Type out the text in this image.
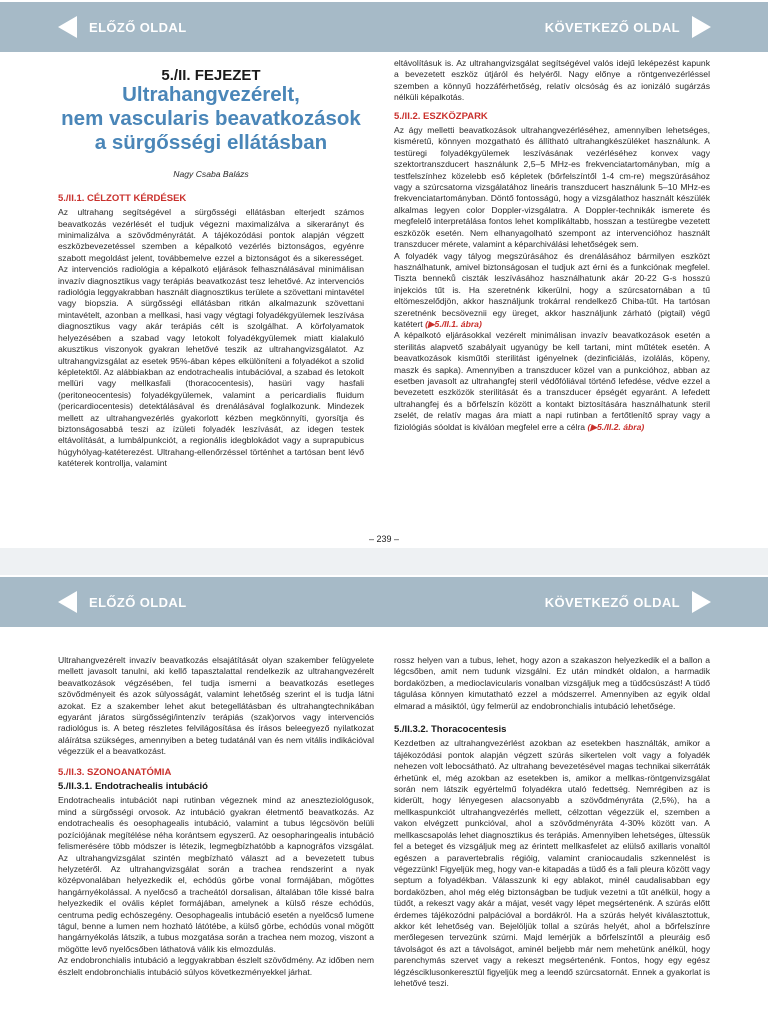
ELŐZŐ OLDAL	KÖVETKEZŐ OLDAL
5./II. FEJEZET
Ultrahangvezérelt,
nem vascularis beavatkozások
a sürgősségi ellátásban
Nagy Csaba Balázs
5./II.1. CÉLZOTT KÉRDÉSEK

Az ultrahang segítségével a sürgősségi ellátásban elterjedt számos beavatkozás vezérlését el tudjuk végezni maximalizálva a sikerarányt és minimalizálva a szövődményrátát. A tájékozódási pontok alapján végzett eszközbevezetéssel szemben a képalkotó vezérlés biztonságos, egyénre szabott megoldást jelent, továbbemelve ezzel a biztonságot és a sikerességet. Az intervenciós radiológia a képalkotó eljárások felhasználásával minimálisan invazív diagnosztikus vagy terápiás beavatkozást tesz lehetővé. Az intervenciós radiológia leggyakrabban használt diagnosztikus területe a szövettani mintavétel vagy biopszia. A sürgősségi ellátásban ritkán alkalmazunk szövettani mintavételt, azonban a mellkasi, hasi vagy végtagi folyadékgyülemek leszívása diagnosztikus vagy akár terápiás célt is szolgálhat. A körfolyamatok helyezésében a szabad vagy letokolt folyadékgyülemek miatt kialakuló akusztikus viszonyok gyakran lehetővé teszik az ultrahangvizsgálatot. Az ultrahangvizsgálat az esetek 95%-ában képes elkülöníteni a folyadékot a szolid képletektől. Az alábbiakban az endotrachealis intubációval, a szabad és letokolt mellüri vagy mellkasfali (thoracocentesis), hasüri vagy hasfali (peritoneocentesis) folyadékgyülemek, valamint a pericardialis fluidum (pericardiocentesis) detektálásával és drenálásával foglalkozunk. Mindezek mellett az ultrahangvezérlés gyakorlott kézben megkönnyíti, gyorsítja és biztonságosabbá teszi az ízületi folyadék leszívását, az idegen testek eltávolítását, a lumbálpunkciót, a regionális idegblokádot vagy a suprapubicus húgyhólyag-katéterezést. Ultrahang-ellenőrzéssel történhet a tartósan bent lévő katéterek kontrollja, valamint

eltávolításuk is. Az ultrahangvizsgálat segítségével valós idejű leképezést kapunk a bevezetett eszköz útjáról és helyéről. Nagy előnye a röntgenvezérléssel szemben a könnyű hozzáférhetőség, relatív olcsóság és az ionizáló sugárzás nélküli képalkotás.

5./II.2. ESZKÖZPARK

Az ágy melletti beavatkozások ultrahangvezérléséhez, amennyiben lehetséges, kisméretű, könnyen mozgatható és állítható ultrahangkészüléket használunk. A testüregi folyadékgyülemek leszívásának vezérléséhez konvex vagy szektortranszducert használunk 2,5–5 MHz-es frekvenciatartományban, míg a testfelszínhez közelebb eső képletek (bőrfelszíntől 1-4 cm-re) megszúrásához vagy a szúrcsatorna vizsgálatához lineáris transzducert használunk 5–10 MHz-es frekvenciatartományban. Döntő fontosságú, hogy a vizsgálathoz használt készülék alkalmas legyen color Doppler-vizsgálatra. A Doppler-technikák ismerete és megfelelő interpretálása fontos lehet komplikáltabb, hosszan a testüregbe vezetett eszközök esetén. Nem elhanyagolható szempont az intervencióhoz használt transzducer mérete, valamint a képarchiválási lehetőségek sem.

A folyadék vagy tályog megszúrásához és drenálásához bármilyen eszközt használhatunk, amivel biztonságosan el tudjuk azt érni és a funkciónak megfelel. Tiszta benneků ciszták leszívásához használhatunk akár 20-22 G-s hosszú injekciós tűt is. Ha szeretnénk kikerülni, hogy a szúrcsatornában a tű eltömeszelődjön, akkor használjunk trokárral rendelkező Chiba-tűt. Ha tartósan szeretnénk becsöveznii egy üreget, akkor használjunk zárható (pigtail) végű katétert (▶5./II.1. ábra)

A képalkotó eljárásokkal vezérelt minimálisan invazív beavatkozások esetén a sterilitás alapvető szabályait ugyanúgy be kell tartani, mint műtétek esetén. A beavatkozások kisműtői sterilitást igényelnek (dezinficiálás, izolálás, köpeny, maszk és sapka). Amennyiben a transzducer közel van a punkcióhoz, abban az esetben javasolt az ultrahangfej steril védőfóliával történő lefedése, védve ezzel a bevezetett eszközök sterilitását és a transzducer épségét egyaránt. A lefedett ultrahangfej és a bőrfelszín között a kontakt biztosítására használhatunk steril zselét, de relatív magas ára miatt a napi rutinban a fertőtlenítő spray vagy a fiziológiás sóoldat is kiválóan megfelel erre a célra (▶5./II.2. ábra)

– 239 –
ELŐZŐ OLDAL	KÖVETKEZŐ OLDAL

Ultrahangvezérelt invazív beavatkozás elsajátítását olyan szakember felügyelete mellett javasolt tanulni, aki kellő tapasztalattal rendelkezik az ultrahangvezérelt beavatkozások végzésében, fel tudja ismerni a beavatkozás esetleges szövődményeit és azok súlyosságát, valamint lehetőség szerint el is tudja látni azokat. Ez a szakember lehet akut betegellátásban és ultrahangtechnikában egyaránt járatos sürgősségi/intenzív terápiás (szak)orvos vagy intervenciós radiológus is. A beteg részletes felvilágosítása és írásos beleegyező nyilatkozat aláírátsa szükséges, amennyiben a beteg tudatánál van és nem vitális indikációval végezzük el a beavatkozást.

5./II.3. SZONOANATÓMIA
5./II.3.1. Endotrachealis intubáció

Endotrachealis intubációt napi rutinban végeznek mind az aneszteziológusok, mind a sürgősségi orvosok. Az intubáció gyakran életmentő beavatkozás. Az endotrachealis és oesophagealis intubáció, valamint a tubus légcsövön belüli pozíciójának megítélése néha korántsem egyszerű. Az oesopharingealis intubáció felismerésére több módszer is létezik, legmegbízhatóbb a kapnográfos vizsgálat. Az ultrahangvizsgálat szintén megbízható választ ad a bevezetett tubus helyzetéről. Az ultrahangvizsgálat során a trachea rendszerint a nyak középvonalában helyezkedik el, echódús görbe vonal formájában, mögöttes hangárnyékolással. A nyelőcső a tracheától dorsalisan, általában tőle kissé balra helyezkedik el ovális képlet formájában, amelynek a külső része echódús, centruma pedig echószegény. Oesophagealis intubáció esetén a nyelőcső lumene tágul, benne a lumen nem hozható látótébe, a külső görbe, echódús vonal mögött hangárnyékolás látszik, a tubus mozgatása során a trachea nem mozog, viszont a mögötte levő nyelőcsőben láthatová válik kis elmozdulás.

Az endobronchialis intubáció a leggyakrabban észlelt szövődmény. Az időben nem észlelt endobronchialis intubáció súlyos következményekkel járhat.

rossz helyen van a tubus, lehet, hogy azon a szakaszon helyezkedik el a ballon a légcsőben, amit nem tudunk vizsgálni. Ez után mindkét oldalon, a harmadik bordaközben, a medioclavicularis vonalban vizsgáljuk meg a tüdőcsúszást! A tüdő tágulása könnyen kimutatható ezzel a módszerrel. Amennyiben az egyik oldal elmarad a másiktól, úgy felmerül az endobronchialis intubáció lehetősége.

5./II.3.2. Thoracocentesis

Kezdetben az ultrahangvezérlést azokban az esetekben használták, amikor a tájékozódási pontok alapján végzett szúrás sikertelen volt vagy a folyadék nehezen volt lebocsátható. Az ultrahang bevezetésével magas technikai sikerráták érhetünk el, még azokban az esetekben is, amikor a mellkas-röntgenvizsgálat során nem látszik egyértelmű folyadékra utaló fedettség. Nemrégiben az is kiderült, hogy lényegesen alacsonyabb a szövődményráta (2,5%), ha a mellkaspunkciót ultrahangvezérlés mellett, célzottan végezzük el, szemben a vakon elvégzett punkcióval, ahol a szövődményráta 4-30% között van. A mellkascsapolás lehet diagnosztikus és terápiás. Amennyiben lehetséges, ültessük fel a beteget és vizsgáljuk meg az érintett mellkasfelet az elülső axillaris vonaltól egészen a paravertebralis régióig, valamint craniocaudalis szkennelést is végezzünk! Figyeljük meg, hogy van-e kitapadás a tüdő és a fali pleura között vagy septum a folyadékban. Válasszunk ki egy ablakot, minél caudalisabban egy bordaközben, ahol még elég biztonságban be tudjuk vezetni a tűt anélkül, hogy a tüdőt, a rekeszt vagy akár a májat, vesét vagy lépet megsértenénk. A szúrás előtt érdemes tájékozódni palpációval a bordákról. Ha a szúrás helyét kiválasztottuk, akkor két lehetőség van. Bejelöljük tollal a szúrás helyét, ahol a bőrfelszínre merőlegesen tervezünk szúrni. Majd lemérjük a bőrfelszíntől a pleuráig eső távolságot és azt a távolságot, aminél beljebb már nem mehetünk anélkül, hogy parenchymás szervet vagy a rekeszt megsértenénk. Fontos, hogy egy egész légzésciklusonkeresztül figyeljük meg a leendő szúrcsatornát. Ennek a gyakorlat is lehetővé teszi.
